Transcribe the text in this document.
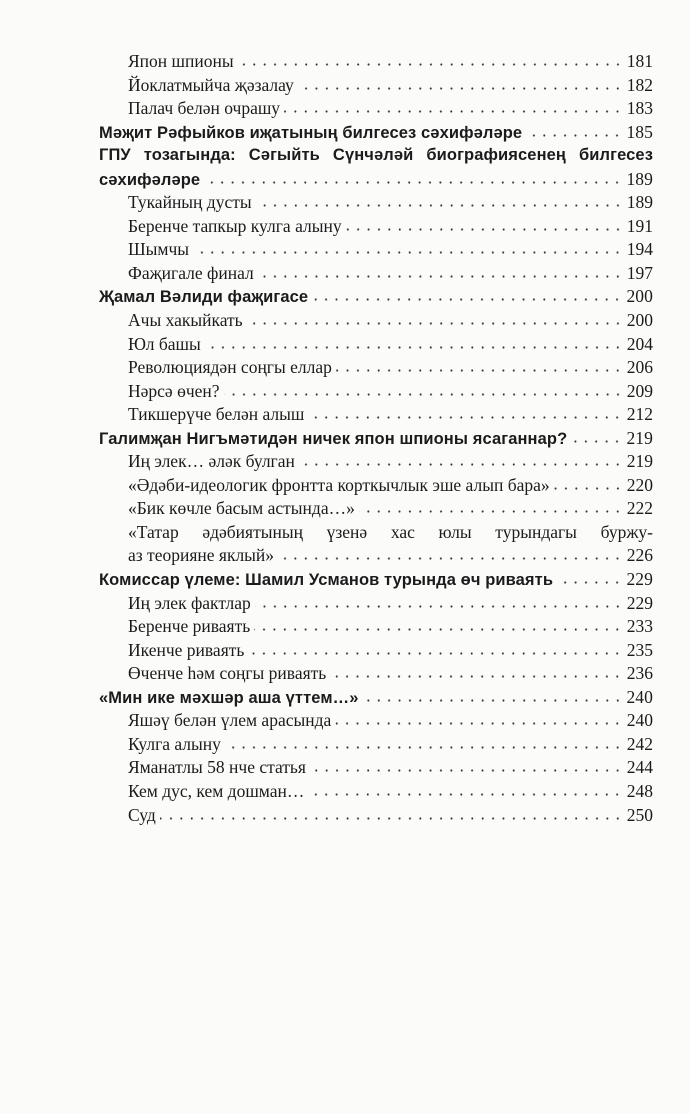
Япон шпионы	181
Йоклатмыйча җәзалау	182
Палач белән очрашу	183
Мәҗит Рәфыйков иҗатының билгесез сәхифәләре	185
ГПУ тозагында: Сәгыйть Сүнчәләй биографиясенең билгесез
сәхифәләре	189
Тукайның дусты	189
Беренче тапкыр кулга алыну	191
Шымчы	194
Фаҗигале финал	197
Җамал Вәлиди фаҗигасе	200
Ачы хакыйкать	200
Юл башы	204
Революциядән соңгы еллар	206
Нәрсә өчен?	209
Тикшерүче белән алыш	212
Галимҗан Нигъмәтидән ничек япон шпионы ясаганнар?	219
Иң элек… әләк булган	219
«Әдәби-идеологик фронтта корткычлык эше алып бара»	220
«Бик көчле басым астында…»	222
«Татар әдәбиятының үзенә хас юлы турындагы буржу-
аз теорияне яклый»	226
Комиссар үлеме: Шамил Усманов турында өч риваять	229
Иң элек фактлар	229
Беренче риваять	233
Икенче риваять	235
Өченче һәм соңгы риваять	236
«Мин ике мәхшәр аша үттем…»	240
Яшәү белән үлем арасында	240
Кулга алыну	242
Яманатлы 58 нче статья	244
Кем дус, кем дошман…	248
Суд	250
